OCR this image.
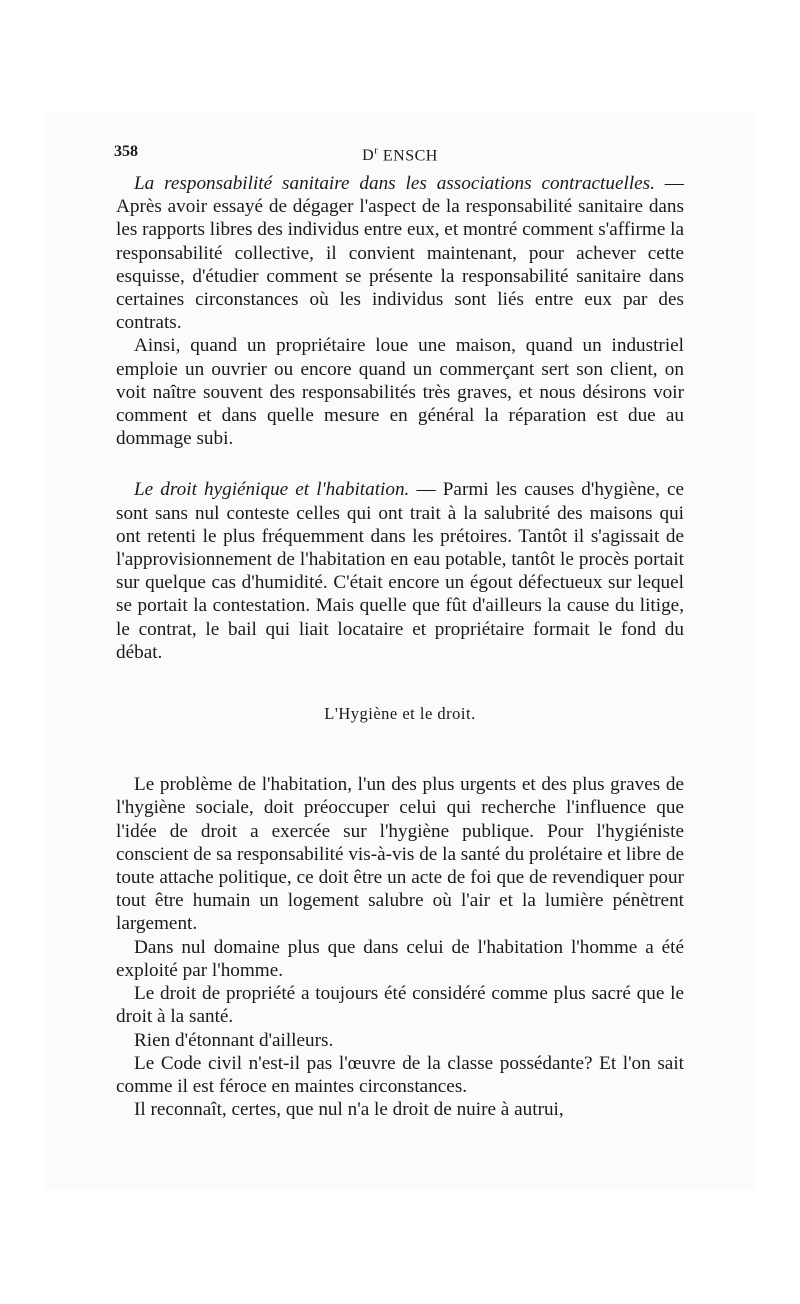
358	$D^r$ ENSCH

La responsabilité sanitaire dans les associations contractuelles. — Après avoir essayé de dégager l'aspect de la responsabilité sanitaire dans les rapports libres des individus entre eux, et montré comment s'affirme la responsabilité collective, il convient maintenant, pour achever cette esquisse, d'étudier comment se présente la responsabilité sanitaire dans certaines circonstances où les individus sont liés entre eux par des contrats.

Ainsi, quand un propriétaire loue une maison, quand un industriel emploie un ouvrier ou encore quand un commerçant sert son client, on voit naître souvent des responsabilités très graves, et nous désirons voir comment et dans quelle mesure en général la réparation est due au dommage subi.

Le droit hygiénique et l'habitation. — Parmi les causes d'hygiène, ce sont sans nul conteste celles qui ont trait à la salubrité des maisons qui ont retenti le plus fréquemment dans les prétoires. Tantôt il s'agissait de l'approvisionnement de l'habitation en eau potable, tantôt le procès portait sur quelque cas d'humidité. C'était encore un égout défectueux sur lequel se portait la contestation. Mais quelle que fût d'ailleurs la cause du litige, le contrat, le bail qui liait locataire et propriétaire formait le fond du débat.

L'Hygiène et le droit.

Le problème de l'habitation, l'un des plus urgents et des plus graves de l'hygiène sociale, doit préoccuper celui qui recherche l'influence que l'idée de droit a exercée sur l'hygiène publique. Pour l'hygiéniste conscient de sa responsabilité vis-à-vis de la santé du prolétaire et libre de toute attache politique, ce doit être un acte de foi que de revendiquer pour tout être humain un logement salubre où l'air et la lumière pénètrent largement.

Dans nul domaine plus que dans celui de l'habitation l'homme a été exploité par l'homme.

Le droit de propriété a toujours été considéré comme plus sacré que le droit à la santé.

Rien d'étonnant d'ailleurs.

Le Code civil n'est-il pas l'œuvre de la classe possédante? Et l'on sait comme il est féroce en maintes circonstances.

Il reconnaît, certes, que nul n'a le droit de nuire à autrui,
